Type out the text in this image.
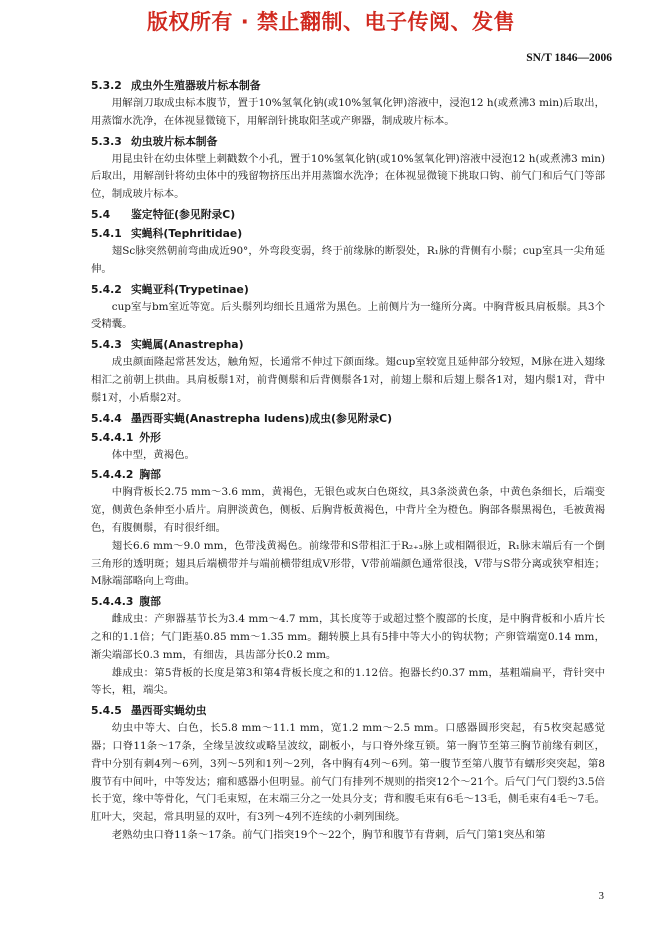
版权所有 · 禁止翻制、电子传阅、发售
SN/T 1846—2006
5.3.2 成虫外生殖器玻片标本制备

用解剖刀取成虫标本腹节，置于10%氢氧化钠(或10%氢氧化钾)溶液中，浸泡12 h(或煮沸3 min)后取出，用蒸馏水洗净，在体视显微镜下，用解剖针挑取阳茎或产卵器，制成玻片标本。

5.3.3 幼虫玻片标本制备

用昆虫针在幼虫体壁上刺戳数个小孔，置于10%氢氧化钠(或10%氢氧化钾)溶液中浸泡12 h(或煮沸3 min)后取出，用解剖针将幼虫体中的残留物挤压出并用蒸馏水洗净；在体视显微镜下挑取口钩、前气门和后气门等部位，制成玻片标本。

5.4 鉴定特征(参见附录C)
5.4.1 实蝇科(Tephritidae)

翅Sc脉突然朝前弯曲成近90°，外弯段变弱，终于前缘脉的断裂处，R₁脉的背侧有小鬃；cup室具一尖角延伸。

5.4.2 实蝇亚科(Trypetinae)

cup室与bm室近等宽。后头鬃列均细长且通常为黑色。上前侧片为一缝所分离。中胸背板具肩板鬃。具3个受精囊。

5.4.3 实蝇属(Anastrepha)

成虫颜面隆起常甚发达，触角短，长通常不伸过下颜面缘。翅cup室较宽且延伸部分较短，M脉在进入翅缘相汇之前朝上拱曲。具肩板鬃1对，前背侧鬃和后背侧鬃各1对，前翅上鬃和后翅上鬃各1对，翅内鬃1对，背中鬃1对，小盾鬃2对。

5.4.4 墨西哥实蝇(Anastrepha ludens)成虫(参见附录C)
5.4.4.1 外形

体中型，黄褐色。

5.4.4.2 胸部

中胸背板长2.75 mm～3.6 mm，黄褐色，无银色或灰白色斑纹，具3条淡黄色条，中黄色条细长，后端变宽，侧黄色条伸至小盾片。肩胛淡黄色，侧板、后胸背板黄褐色，中背片全为橙色。胸部各鬃黑褐色，毛被黄褐色，有腹侧鬃，有时很纤细。

翅长6.6 mm～9.0 mm，色带浅黄褐色。前缘带和S带相汇于R₂₊₃脉上或相隔很近，R₁脉末端后有一个倒三角形的透明斑；翅具后端横带并与端前横带组成V形带，V带前端颜色通常很浅，V带与S带分离或狭窄相连；M脉端部略向上弯曲。

5.4.4.3 腹部

雌成虫：产卵器基节长为3.4 mm～4.7 mm，其长度等于或超过整个腹部的长度，是中胸背板和小盾片长之和的1.1倍；气门距基0.85 mm～1.35 mm。翻转膜上具有5排中等大小的钩状物；产卵管端宽0.14 mm，渐尖端部长0.3 mm，有细齿，具齿部分长0.2 mm。

雄成虫：第5背板的长度是第3和第4背板长度之和的1.12倍。抱器长约0.37 mm，基粗端扁平，背针突中等长，粗，端尖。

5.4.5 墨西哥实蝇幼虫

幼虫中等大、白色，长5.8 mm～11.1 mm，宽1.2 mm～2.5 mm。口感器圆形突起，有5枚突起感觉器；口脊11条～17条，全缘呈波纹或略呈波纹，副板小，与口脊外缘互锁。第一胸节至第三胸节前缘有刺区，背中分别有刺4列～6列，3列～5列和1列～2列，各中胸有4列～6列。第一腹节至第八腹节有蠕形突突起，第8腹节有中间叶，中等发达；瘤和感器小但明显。前气门有排列不规则的指突12个～21个。后气门气门裂约3.5倍长于宽，缘中等骨化，气门毛束短，在末端三分之一处具分支；背和腹毛束有6毛～13毛，侧毛束有4毛～7毛。肛叶大，突起，常具明显的双叶，有3列～4列不连续的小刺列围绕。

老熟幼虫口脊11条～17条。前气门指突19个～22个，胸节和腹节有背刺，后气门第1突丛和第

3
